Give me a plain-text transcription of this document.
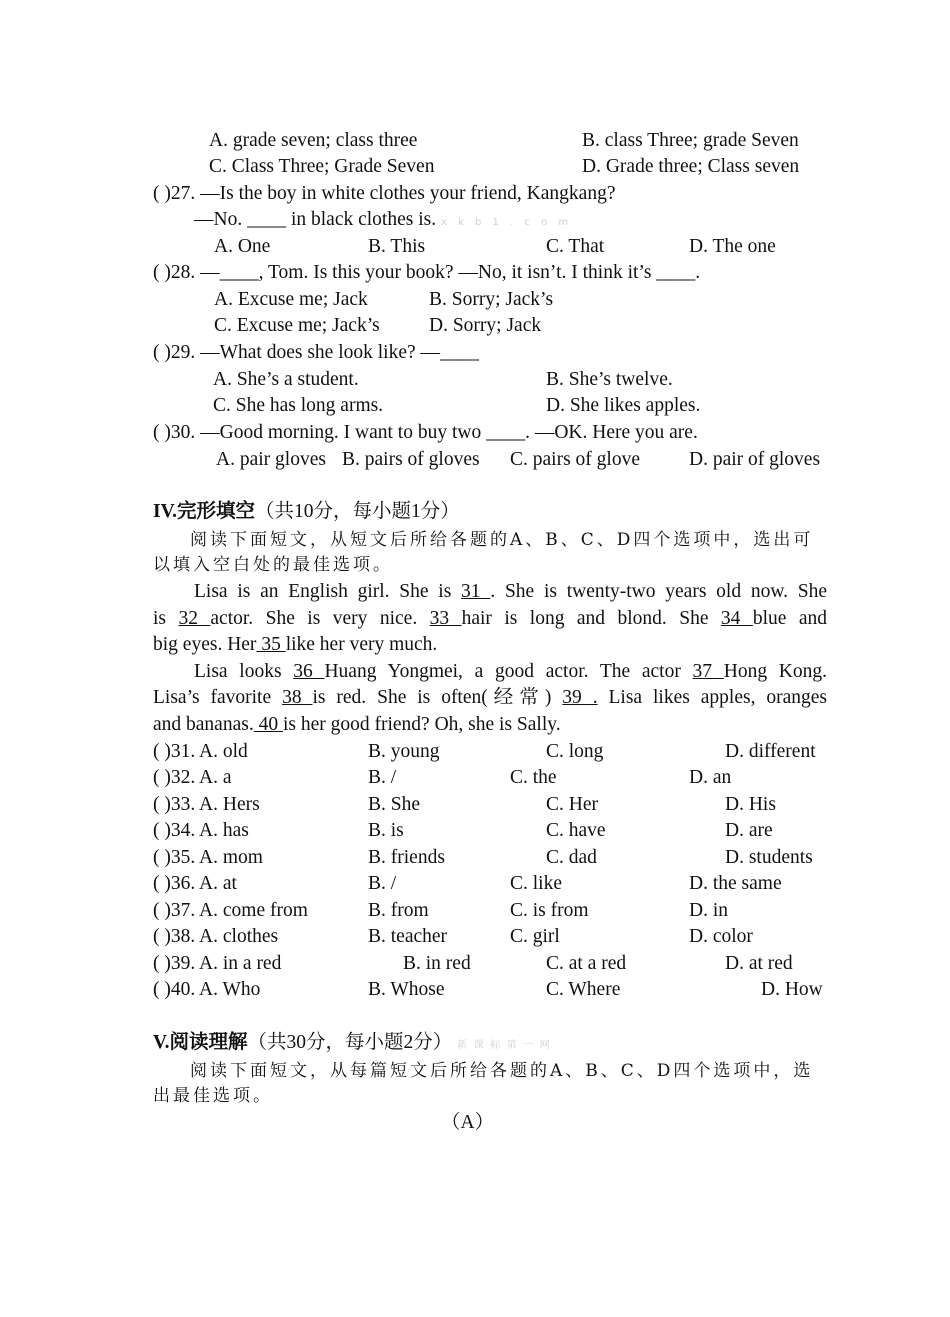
A. grade seven; class three	B. class Three; grade Seven
C. Class Three; Grade Seven	D. Grade three; Class seven
( )27. —Is the boy in white clothes your friend, Kangkang?
—No. ____ in black clothes is. x k b 1 . c o m
A. One	B. This	C. That	D. The one
( )28. —____, Tom. Is this your book? —No, it isn’t. I think it’s ____.
A. Excuse me; Jack	B. Sorry; Jack’s
C. Excuse me; Jack’s	D. Sorry; Jack
( )29. —What does she look like? —____
A. She’s a student.	B. She’s twelve.
C. She has long arms.	D. She likes apples.
( )30. —Good morning. I want to buy two ____. —OK. Here you are.
A. pair gloves B. pairs of gloves C. pairs of glove	D. pair of gloves
IV.完形填空（共10分，每小题1分）
阅读下面短文，从短文后所给各题的A、B、C、D四个选项中，选出可
以填入空白处的最佳选项。
Lisa is an English girl. She is 31 . She is twenty-two years old now. She
is 32 actor. She is very nice. 33 hair is long and blond. She 34 blue and
big eyes. Her 35 like her very much.
Lisa looks 36 Huang Yongmei, a good actor. The actor 37 Hong Kong.
Lisa’s favorite 38 is red. She is often(经常) 39 . Lisa likes apples, oranges
and bananas. 40 is her good friend? Oh, she is Sally.
( )31. A. old	B. young	C. long	D. different
( )32. A. a	B. /	C. the	D. an
( )33. A. Hers	B. She	C. Her	D. His
( )34. A. has	B. is	C. have	D. are
( )35. A. mom	B. friends	C. dad	D. students
( )36. A. at	B. /	C. like	D. the same
( )37. A. come from	B. from	C. is from	D. in
( )38. A. clothes	B. teacher	C. girl	D. color
( )39. A. in a red	B. in red	C. at a red	D. at red
( )40. A. Who	B. Whose	C. Where	D. How
V.阅读理解（共30分，每小题2分） 新 课 标 第 一 网
阅读下面短文，从每篇短文后所给各题的A、B、C、D四个选项中，选
出最佳选项。
（A）
